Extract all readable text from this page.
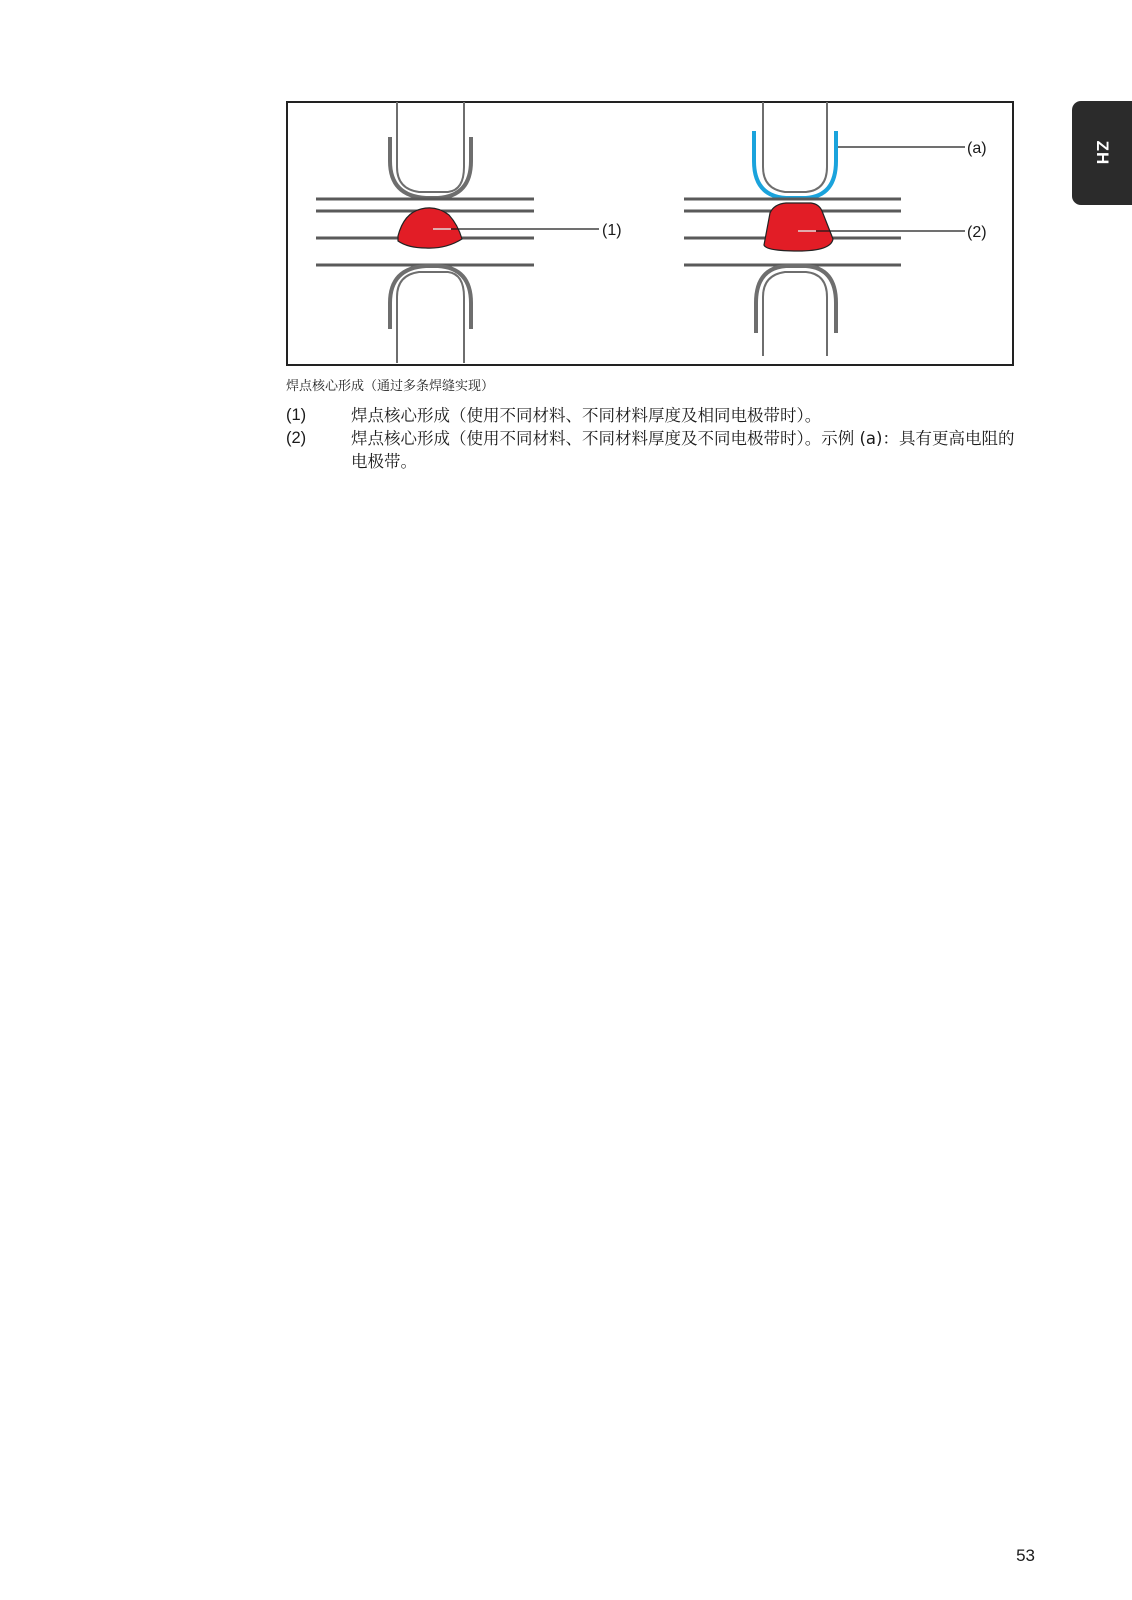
ZH
(1)	(2)
(a)
焊点核心形成（通过多条焊缝实现）
(1)	焊点核心形成（使用不同材料、不同材料厚度及相同电极带时）。
(2)	焊点核心形成（使用不同材料、不同材料厚度及不同电极带时）。示例 (a)：具有更高电阻的电极带。
53
